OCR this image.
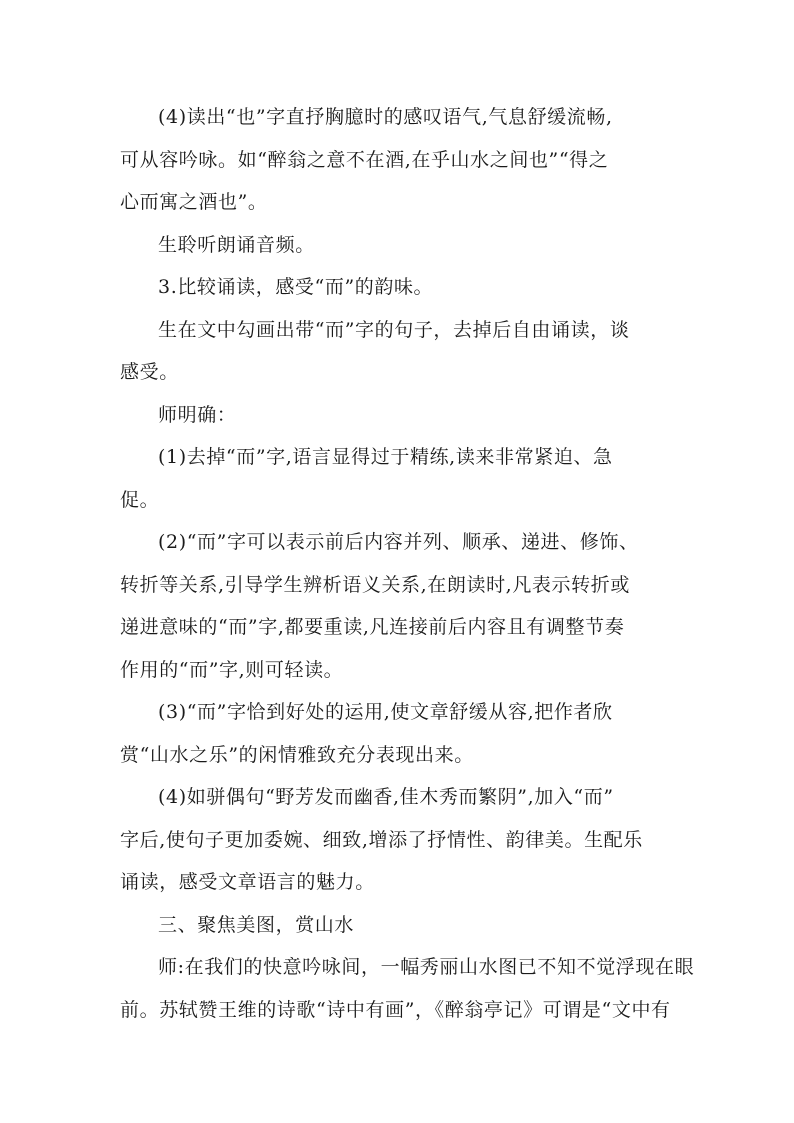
(4)读出“也”字直抒胸臆时的感叹语气,气息舒缓流畅,
可从容吟咏。如“醉翁之意不在酒,在乎山水之间也”“得之
心而寓之酒也”。
生聆听朗诵音频。
3.比较诵读，感受“而”的韵味。
生在文中勾画出带“而”字的句子，去掉后自由诵读，谈
感受。
师明确：
(1)去掉“而”字,语言显得过于精练,读来非常紧迫、急
促。
(2)“而”字可以表示前后内容并列、顺承、递进、修饰、
转折等关系,引导学生辨析语义关系,在朗读时,凡表示转折或
递进意味的“而”字,都要重读,凡连接前后内容且有调整节奏
作用的“而”字,则可轻读。
(3)“而”字恰到好处的运用,使文章舒缓从容,把作者欣
赏“山水之乐”的闲情雅致充分表现出来。
(4)如骈偶句“野芳发而幽香,佳木秀而繁阴”,加入“而”
字后,使句子更加委婉、细致,增添了抒情性、韵律美。生配乐
诵读，感受文章语言的魅力。
三、聚焦美图，赏山水
师:在我们的快意吟咏间，一幅秀丽山水图已不知不觉浮现在眼
前。苏轼赞王维的诗歌“诗中有画”，《醉翁亭记》可谓是“文中有
